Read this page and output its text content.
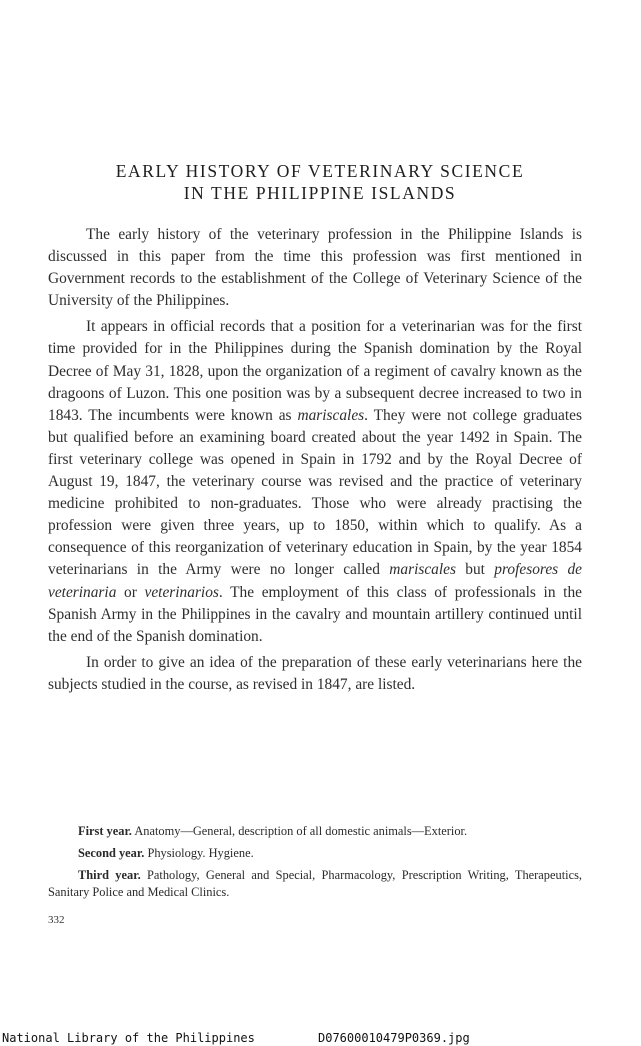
EARLY HISTORY OF VETERINARY SCIENCE
IN THE PHILIPPINE ISLANDS

The early history of the veterinary profession in the Philippine Islands is discussed in this paper from the time this profession was first mentioned in Government records to the establishment of the College of Veterinary Science of the University of the Philippines.

It appears in official records that a position for a veterinarian was for the first time provided for in the Philippines during the Spanish domination by the Royal Decree of May 31, 1828, upon the organization of a regiment of cavalry known as the dragoons of Luzon. This one position was by a subsequent decree increased to two in 1843. The incumbents were known as mariscales. They were not college graduates but qualified before an examining board created about the year 1492 in Spain. The first veterinary college was opened in Spain in 1792 and by the Royal Decree of August 19, 1847, the veterinary course was revised and the practice of veterinary medicine prohibited to non-graduates. Those who were already practising the profession were given three years, up to 1850, within which to qualify. As a consequence of this reorganization of veterinary education in Spain, by the year 1854 veterinarians in the Army were no longer called mariscales but profesores de veterinaria or veterinarios. The employment of this class of professionals in the Spanish Army in the Philippines in the cavalry and mountain artillery continued until the end of the Spanish domination.

In order to give an idea of the preparation of these early veterinarians here the subjects studied in the course, as revised in 1847, are listed.

First year. Anatomy—General, description of all domestic animals—Exterior.
Second year. Physiology. Hygiene.
Third year. Pathology, General and Special, Pharmacology, Prescription Writing, Therapeutics, Sanitary Police and Medical Clinics.
332

National Library of the Philippines

	D07600010479P0369.jpg
